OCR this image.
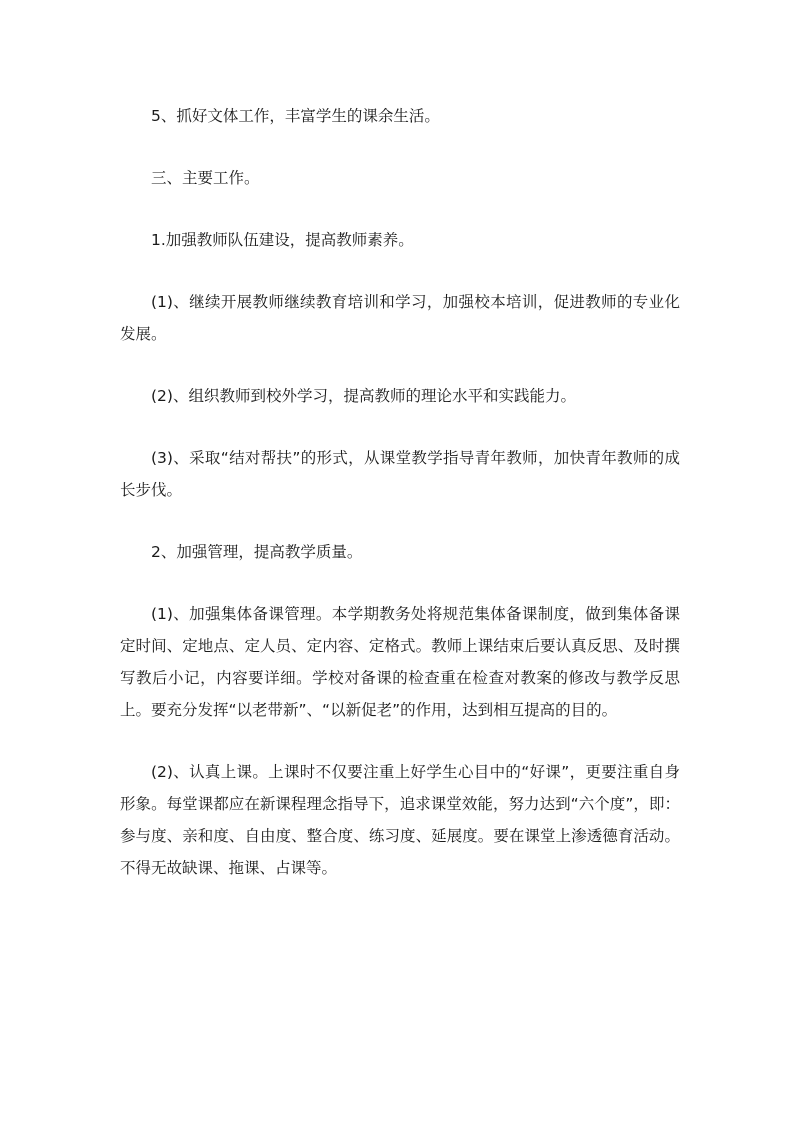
5、抓好文体工作，丰富学生的课余生活。

三、主要工作。

1.加强教师队伍建设，提高教师素养。

(1)、继续开展教师继续教育培训和学习，加强校本培训，促进教师的专业化发展。

(2)、组织教师到校外学习，提高教师的理论水平和实践能力。

(3)、采取“结对帮扶”的形式，从课堂教学指导青年教师，加快青年教师的成长步伐。

2、加强管理，提高教学质量。

(1)、加强集体备课管理。本学期教务处将规范集体备课制度，做到集体备课定时间、定地点、定人员、定内容、定格式。教师上课结束后要认真反思、及时撰写教后小记，内容要详细。学校对备课的检查重在检查对教案的修改与教学反思上。要充分发挥“以老带新”、“以新促老”的作用，达到相互提高的目的。

(2)、认真上课。上课时不仅要注重上好学生心目中的“好课”，更要注重自身形象。每堂课都应在新课程理念指导下，追求课堂效能，努力达到“六个度”，即：参与度、亲和度、自由度、整合度、练习度、延展度。要在课堂上渗透德育活动。不得无故缺课、拖课、占课等。
